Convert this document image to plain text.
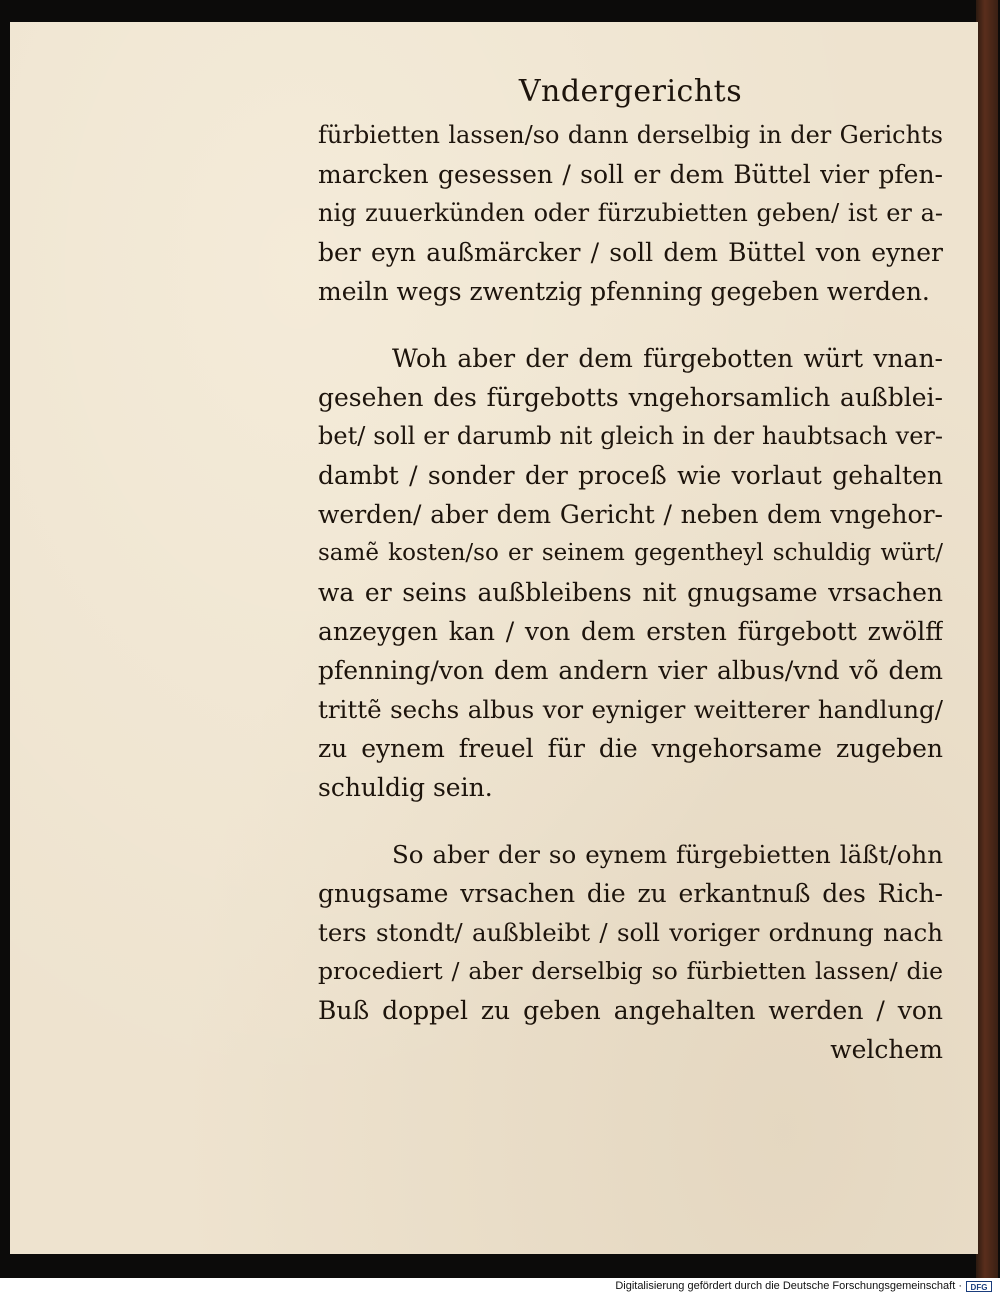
Vndergerichts
fürbietten lassen/so dann derselbig in der Gerichts
marcken gesessen / soll er dem Büttel vier pfen-
nig zuuerkünden oder fürzubietten geben/ ist er a-
ber eyn außmärcker / soll dem Büttel von eyner
meiln wegs zwentzig pfenning gegeben werden.
Woh aber der dem fürgebotten würt vnan-
gesehen des fürgebotts vngehorsamlich außblei-
bet/ soll er darumb nit gleich in der haubtsach ver-
dambt / sonder der proceß wie vorlaut gehalten
werden/ aber dem Gericht / neben dem vngehor-
samẽ kosten/so er seinem gegentheyl schuldig würt/
wa er seins außbleibens nit gnugsame vrsachen
anzeygen kan / von dem ersten fürgebott zwölff
pfenning/von dem andern vier albus/vnd võ dem
trittẽ sechs albus vor eyniger weitterer handlung/
zu eynem freuel für die vngehorsame zugeben
schuldig sein.
So aber der so eynem fürgebietten läßt/ohn
gnugsame vrsachen die zu erkantnuß des Rich-
ters stondt/ außbleibt / soll voriger ordnung nach
procediert / aber derselbig so fürbietten lassen/ die
Buß doppel zu geben angehalten werden / von
welchem
Digitalisierung gefördert durch die Deutsche Forschungsgemeinschaft ·	DFG
